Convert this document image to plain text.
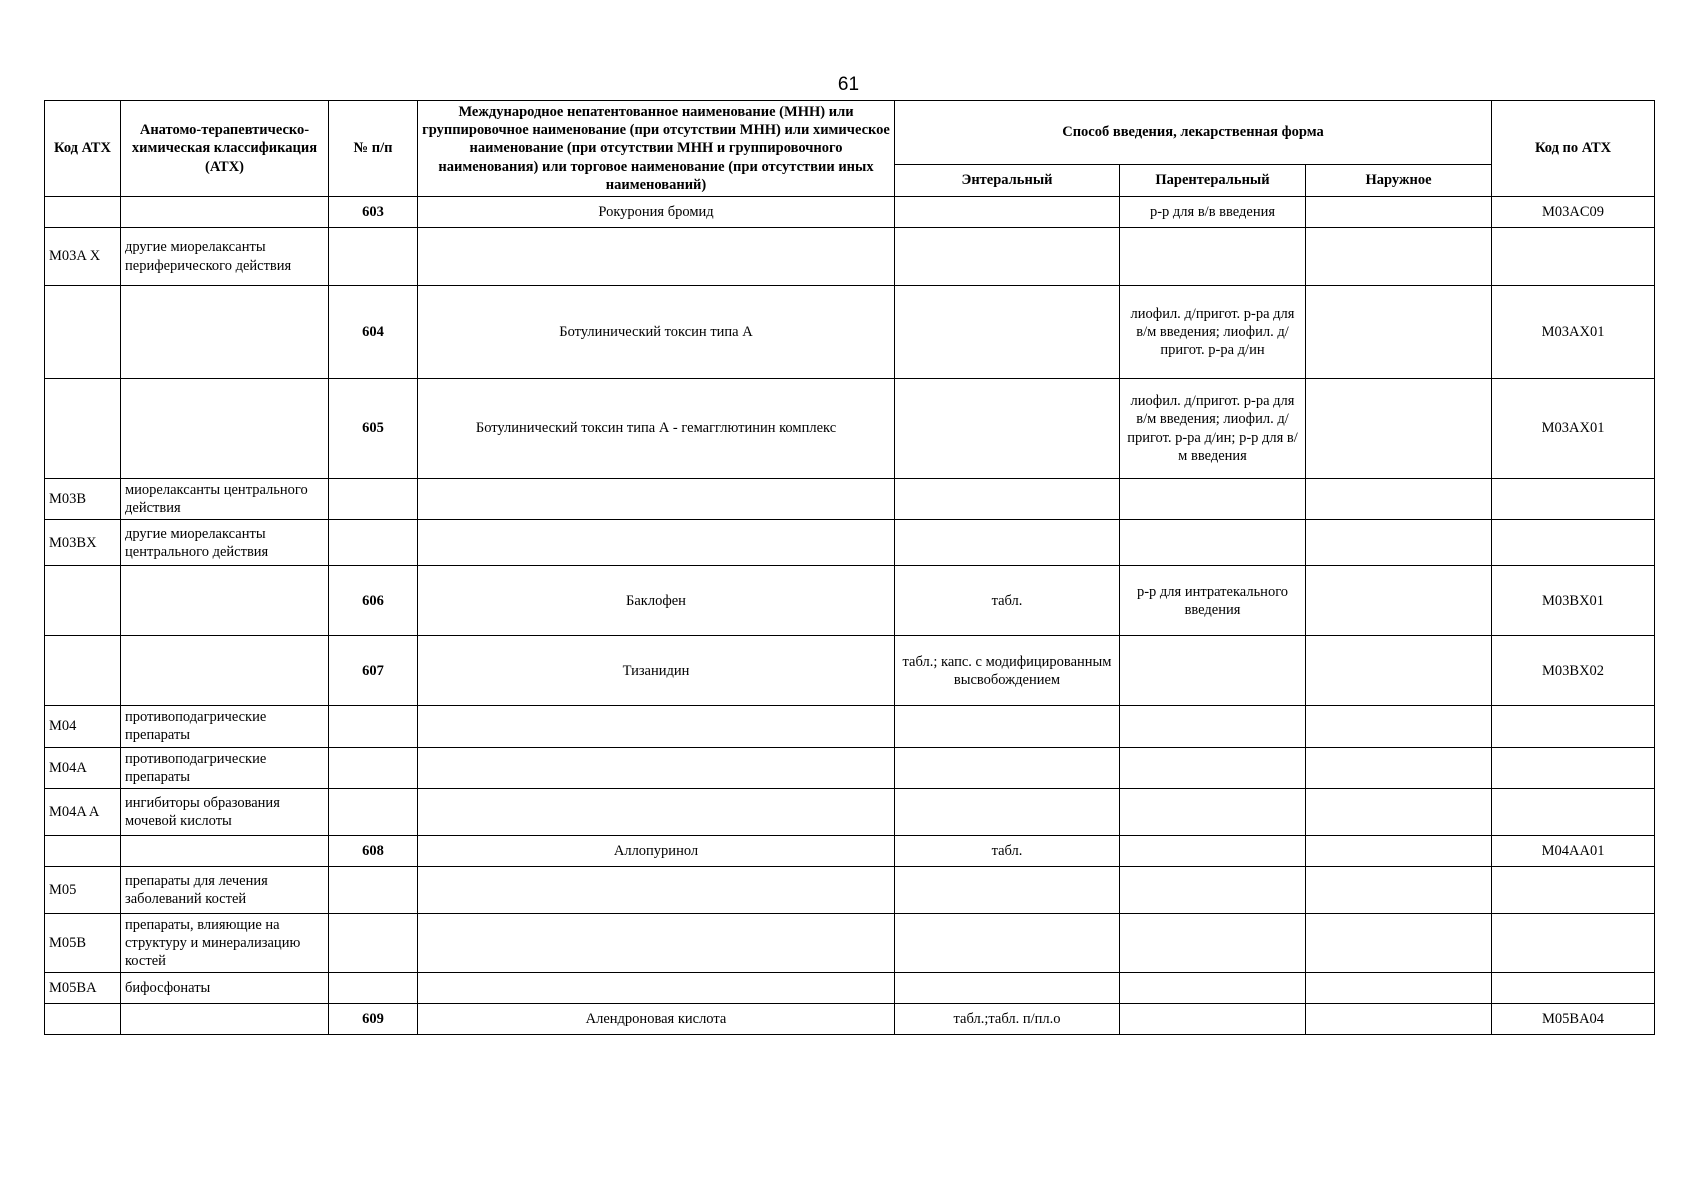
61
Код АТХ	Анатомо-терапевтическо-химическая классификация (АТХ)	№ п/п	Международное непатентованное наименование (МНН) или группировочное наименование (при отсутствии МНН) или химическое наименование (при отсутствии МНН и группировочного наименования) или торговое наименование (при отсутствии иных наименований)	Способ введения, лекарственная форма			Код по АТХ
				Энтеральный	Парентеральный	Наружное	
		603	Рокурония бромид		р-р для в/в введения		M03AC09
M03A X	другие миорелаксанты периферического действия						
		604	Ботулинический токсин типа А		лиофил. д/пригот. р-ра для в/м введения; лиофил. д/пригот. р-ра д/ин		M03AX01
		605	Ботулинический токсин типа А - гемагглютинин комплекс		лиофил. д/пригот. р-ра для в/м введения; лиофил. д/пригот. р-ра д/ин; р-р для в/м введения		M03AX01
M03B	миорелаксанты центрального действия						
M03BX	другие миорелаксанты центрального действия						
		606	Баклофен	табл.	р-р для интратекального введения		M03BX01
		607	Тизанидин	табл.; капс. с модифицированным высвобождением			M03BX02
M04	противоподагрические препараты						
M04A	противоподагрические препараты						
M04A A	ингибиторы образования мочевой кислоты						
		608	Аллопуринол	табл.			M04AA01
M05	препараты для лечения заболеваний костей						
M05B	препараты, влияющие на структуру и минерализацию костей						
M05BA	бифосфонаты						
		609	Алендроновая кислота	табл.;табл. п/пл.о			M05BA04
